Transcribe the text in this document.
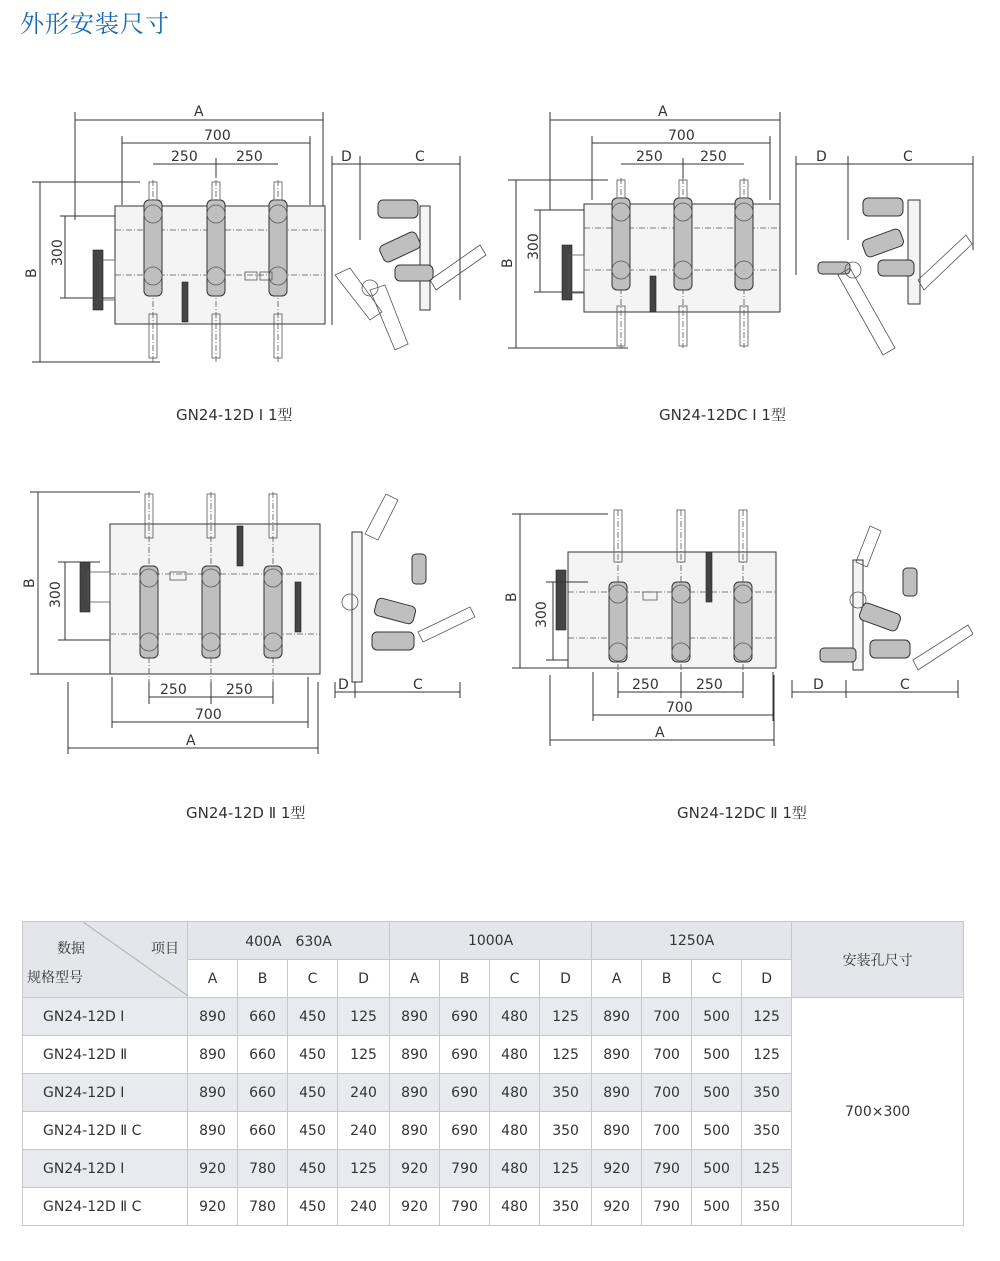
外形安装尺寸
A
700
250	250
B
300
D	C
GN24-12D Ⅰ 1型
A
700
250	250
B
300
D	C
GN24-12DC Ⅰ 1型
B 300
250	250
700
A
D	C
GN24-12D Ⅱ 1型
B
300
250	250
700
A
D	C
GN24-12DC Ⅱ 1型
数据 项目
规格型号	400A　630A				1000A				1250A				安装孔尺寸
	A	B	C	D	A	B	C	D	A	B	C	D	
GN24-12D Ⅰ	890	660	450	125	890	690	480	125	890	700	500	125	700×300
GN24-12D Ⅱ	890	660	450	125	890	690	480	125	890	700	500	125	
GN24-12D Ⅰ	890	660	450	240	890	690	480	350	890	700	500	350	
GN24-12D Ⅱ C	890	660	450	240	890	690	480	350	890	700	500	350	
GN24-12D Ⅰ	920	780	450	125	920	790	480	125	920	790	500	125	
GN24-12D Ⅱ C	920	780	450	240	920	790	480	350	920	790	500	350	
